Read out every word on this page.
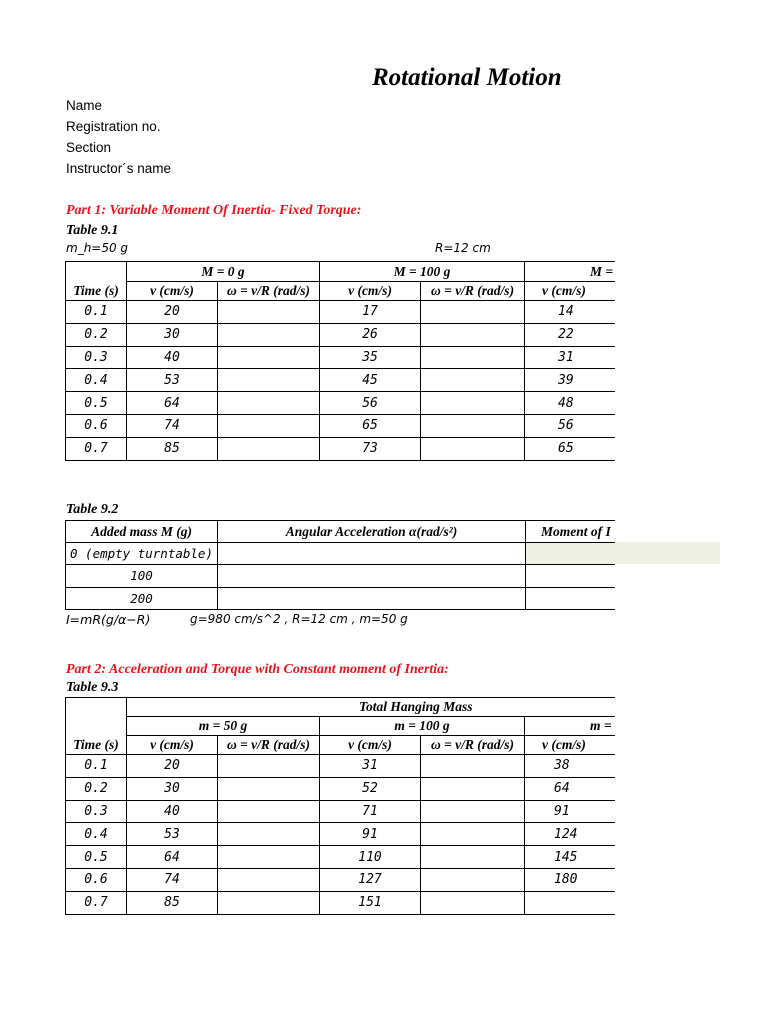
Rotational Motion
Name
Registration no.
Section
Instructor´s name
Part 1: Variable Moment Of Inertia- Fixed Torque:
Table 9.1
m_h=50 g	R=12 cm
	M = 0 g		M = 100 g		M =
Time (s)	v (cm/s)	ω = v/R (rad/s)	v (cm/s)	ω = v/R (rad/s)	v (cm/s)
0.1	20		17		14
0.2	30		26		22
0.3	40		35		31
0.4	53		45		39
0.5	64		56		48
0.6	74		65		56
0.7	85		73		65
Table 9.2
Added mass M (g)	Angular Acceleration α(rad/s²)	Moment of I
0 (empty turntable)		
100		
200		
I=mR(g/α−R)	g=980 cm/s^2 , R=12 cm , m=50 g
Part 2: Acceleration and Torque with Constant moment of Inertia:
Table 9.3
	Total Hanging Mass				
	m = 50 g		m = 100 g		m =
Time (s)	v (cm/s)	ω = v/R (rad/s)	v (cm/s)	ω = v/R (rad/s)	v (cm/s)
0.1	20		31		38
0.2	30		52		64
0.3	40		71		91
0.4	53		91		124
0.5	64		110		145
0.6	74		127		180
0.7	85		151		
